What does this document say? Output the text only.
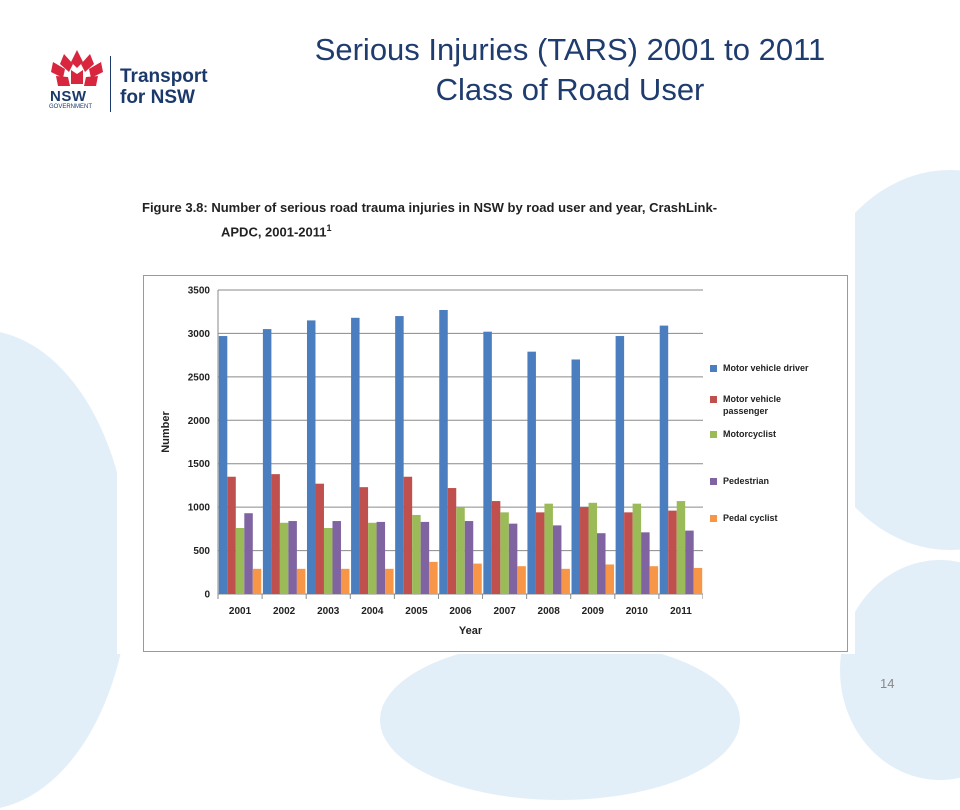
NSW
GOVERNMENT
Transport
for NSW
Serious Injuries (TARS) 2001 to 2011
Class of Road User
Figure 3.8: Number of serious road trauma injuries in NSW by road user and year, CrashLink-
APDC, 2001-2011$^1$
0
500
1000
1500
2000
2500
3000
3500
2001 2002 2003 2004 2005 2006 2007 2008 2009 2010 2011
Year
Number
Motor vehicle driver
Motor vehicle passenger
Motorcyclist
Pedestrian
Pedal cyclist
14
